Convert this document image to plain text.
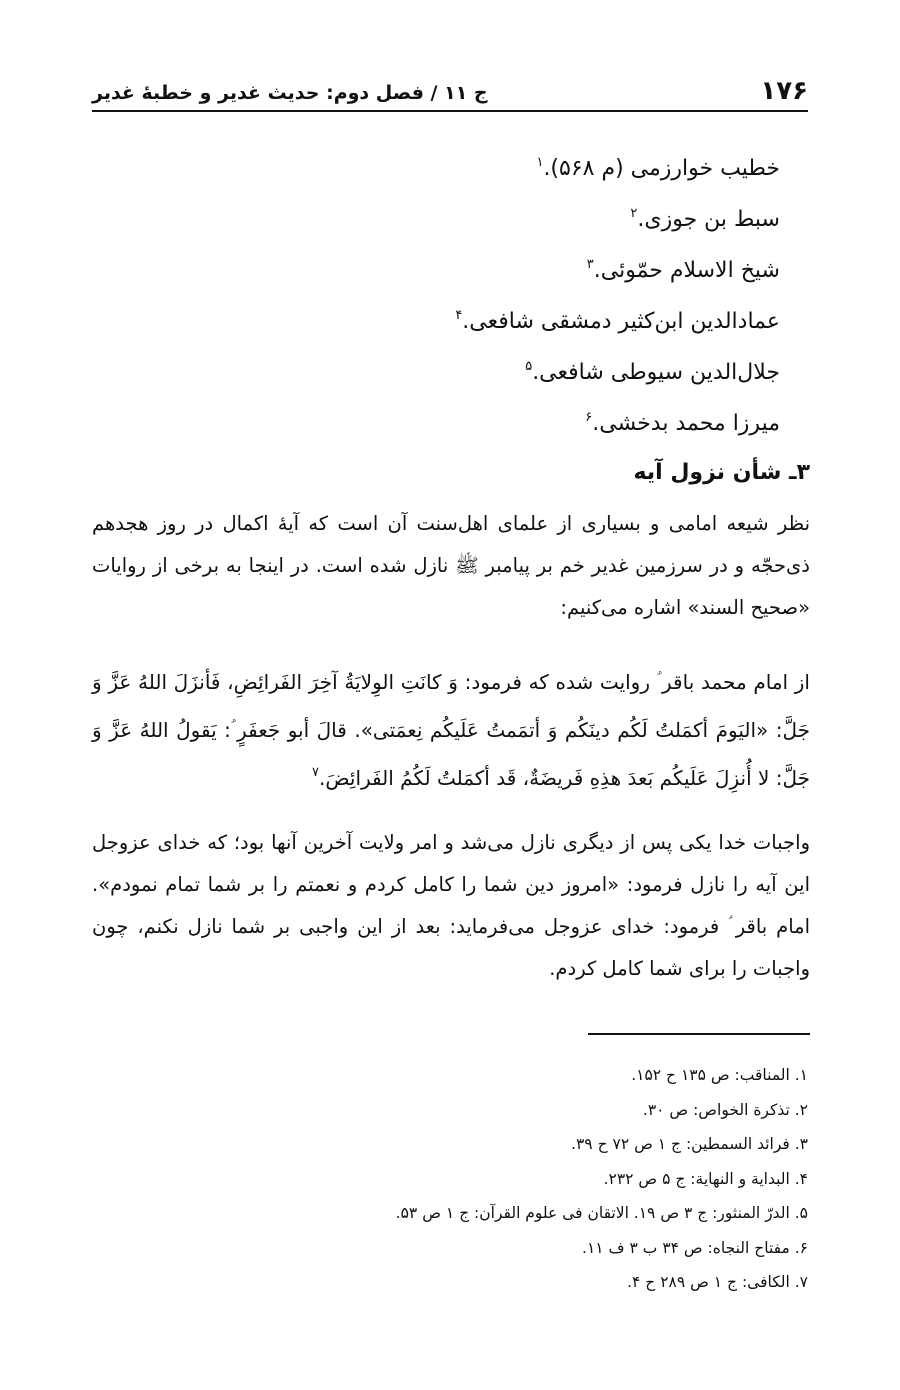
۱۷۶
ج ۱۱ / فصل دوم: حدیث غدیر و خطبهٔ غدیر
خطیب خوارزمی (م ۵۶۸).$^۱$
سبط بن جوزی.$^۲$
شیخ الاسلام حمّوئی.$^۳$
عمادالدین ابن‌کثیر دمشقی شافعی.$^۴$
جلال‌الدین سیوطی شافعی.$^۵$
میرزا محمد بدخشی.$^۶$
۳ـ شأن نزول آیه

نظر شیعه امامی و بسیاری از علمای اهل‌سنت آن است که آیهٔ اکمال در روز هجدهم ذی‌حجّه و در سرزمین غدیر خم بر پیامبر ﷺ نازل شده است. در اینجا به برخی از روایات «صحیح السند» اشاره می‌کنیم:

از امام محمد باقر ؑ روایت شده که فرمود: وَ کانَتِ الوِلایَةُ آخِرَ الفَرائِضِ، فَأنزَلَ اللهُ عَزَّ وَ جَلَّ: «الیَومَ أکمَلتُ لَکُم دینَکُم وَ أتمَمتُ عَلَیکُم نِعمَتی». قالَ أبو جَعفَرٍ ؑ: یَقولُ اللهُ عَزَّ وَ جَلَّ: لا أُنزِلَ عَلَیکُم بَعدَ هذِهِ فَریضَةٌ، قَد أکمَلتُ لَکُمُ الفَرائِضَ.$^۷$

واجبات خدا یکی پس از دیگری نازل می‌شد و امر ولایت آخرین آنها بود؛ که خدای عزوجل این آیه را نازل فرمود: «امروز دین شما را کامل کردم و نعمتم را بر شما تمام نمودم». امام باقر ؑ فرمود: خدای عزوجل می‌فرماید: بعد از این واجبی بر شما نازل نکنم، چون واجبات را برای شما کامل کردم.

۱. المناقب: ص ۱۳۵ ح ۱۵۲.
۲. تذکرة الخواص: ص ۳۰.
۳. فرائد السمطین: ج ۱ ص ۷۲ ح ۳۹.
۴. البدایة و النهایة: ج ۵ ص ۲۳۲.
۵. الدرّ المنثور: ج ۳ ص ۱۹. الاتقان فی علوم القرآن: ج ۱ ص ۵۳.
۶. مفتاح النجاه: ص ۳۴ ب ۳ ف ۱۱.
۷. الکافی: ج ۱ ص ۲۸۹ ح ۴.
